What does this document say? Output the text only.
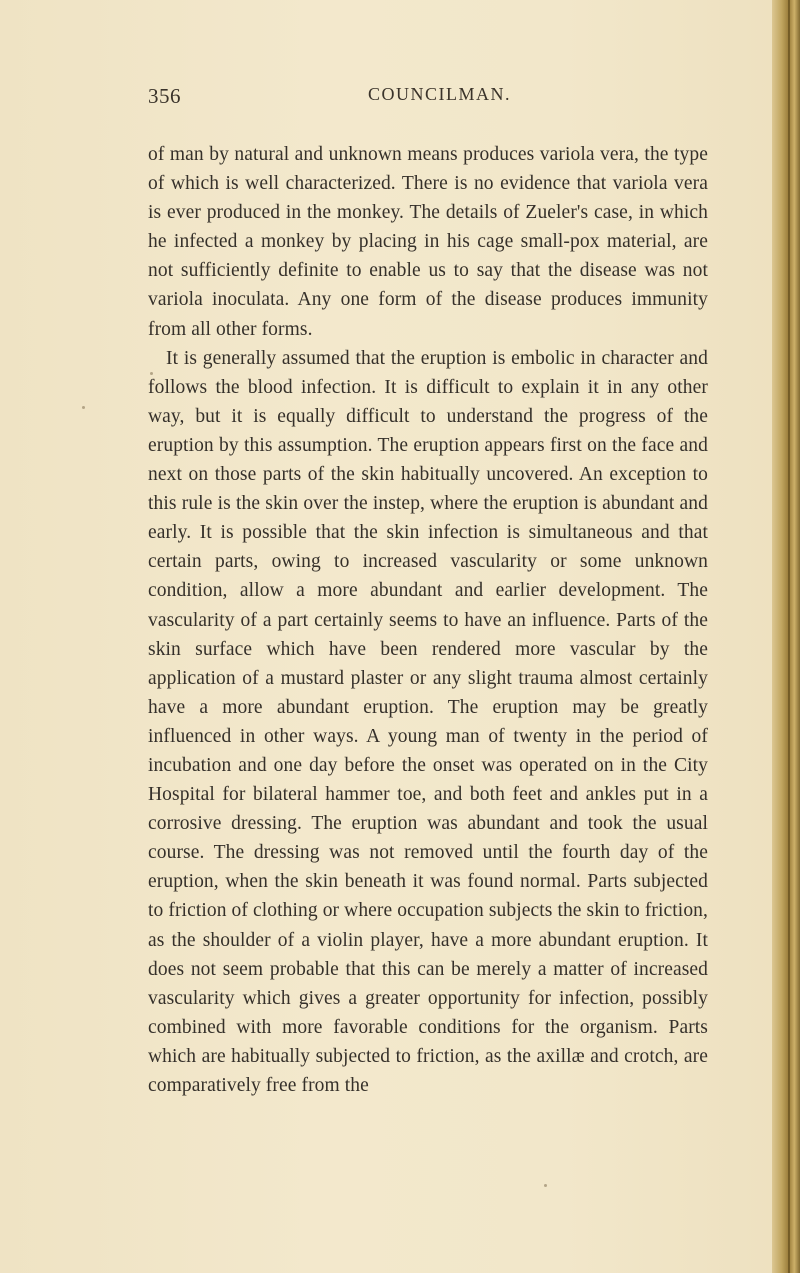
356	COUNCILMAN.

of man by natural and unknown means produces variola vera, the type of which is well characterized. There is no evidence that variola vera is ever produced in the monkey. The details of Zueler's case, in which he infected a monkey by placing in his cage small-pox material, are not sufficiently definite to enable us to say that the disease was not variola inoculata. Any one form of the disease produces immunity from all other forms.

It is generally assumed that the eruption is embolic in character and follows the blood infection. It is difficult to explain it in any other way, but it is equally difficult to understand the progress of the eruption by this assumption. The eruption appears first on the face and next on those parts of the skin habitually uncovered. An exception to this rule is the skin over the instep, where the eruption is abundant and early. It is possible that the skin infection is simultaneous and that certain parts, owing to increased vascularity or some unknown condition, allow a more abundant and earlier development. The vascularity of a part certainly seems to have an influence. Parts of the skin surface which have been rendered more vascular by the application of a mustard plaster or any slight trauma almost certainly have a more abundant eruption. The eruption may be greatly influenced in other ways. A young man of twenty in the period of incubation and one day before the onset was operated on in the City Hospital for bilateral hammer toe, and both feet and ankles put in a corrosive dressing. The eruption was abundant and took the usual course. The dressing was not removed until the fourth day of the eruption, when the skin beneath it was found normal. Parts subjected to friction of clothing or where occupation subjects the skin to friction, as the shoulder of a violin player, have a more abundant eruption. It does not seem probable that this can be merely a matter of increased vascularity which gives a greater opportunity for infection, possibly combined with more favorable conditions for the organism. Parts which are habitually subjected to friction, as the axillæ and crotch, are comparatively free from the
